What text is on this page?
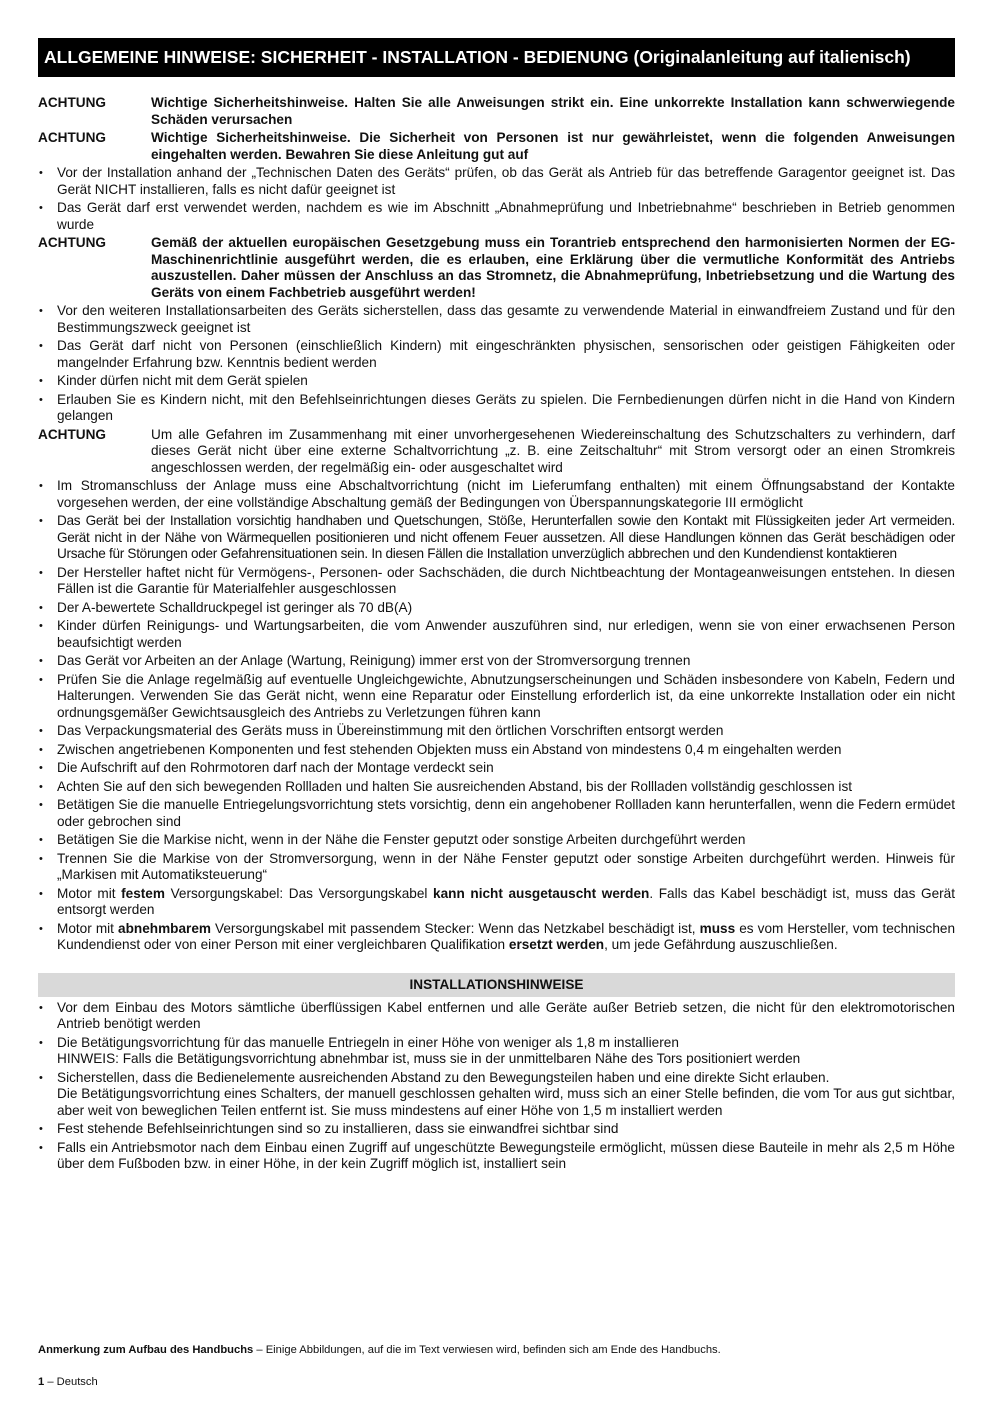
ALLGEMEINE HINWEISE: SICHERHEIT - INSTALLATION - BEDIENUNG (Originalanleitung auf italienisch)
ACHTUNG	Wichtige Sicherheitshinweise. Halten Sie alle Anweisungen strikt ein. Eine unkorrekte Installation kann schwerwiegende Schäden verursachen
ACHTUNG	Wichtige Sicherheitshinweise. Die Sicherheit von Personen ist nur gewährleistet, wenn die folgenden Anweisungen eingehalten werden. Bewahren Sie diese Anleitung gut auf
•	Vor der Installation anhand der „Technischen Daten des Geräts“ prüfen, ob das Gerät als Antrieb für das betreffende Garagentor geeignet ist. Das Gerät NICHT installieren, falls es nicht dafür geeignet ist
•	Das Gerät darf erst verwendet werden, nachdem es wie im Abschnitt „Abnahmeprüfung und Inbetriebnahme“ beschrieben in Betrieb genommen wurde
ACHTUNG	Gemäß der aktuellen europäischen Gesetzgebung muss ein Torantrieb entsprechend den harmonisierten Normen der EG-Maschinenrichtlinie ausgeführt werden, die es erlauben, eine Erklärung über die vermutliche Konformität des Antriebs auszustellen. Daher müssen der Anschluss an das Stromnetz, die Abnahmeprüfung, Inbetriebsetzung und die Wartung des Geräts von einem Fachbetrieb ausgeführt werden!
•	Vor den weiteren Installationsarbeiten des Geräts sicherstellen, dass das gesamte zu verwendende Material in einwandfreiem Zustand und für den Bestimmungszweck geeignet ist
•	Das Gerät darf nicht von Personen (einschließlich Kindern) mit eingeschränkten physischen, sensorischen oder geistigen Fähigkeiten oder mangelnder Erfahrung bzw. Kenntnis bedient werden
•	Kinder dürfen nicht mit dem Gerät spielen
•	Erlauben Sie es Kindern nicht, mit den Befehlseinrichtungen dieses Geräts zu spielen. Die Fernbedienungen dürfen nicht in die Hand von Kindern gelangen
ACHTUNG	Um alle Gefahren im Zusammenhang mit einer unvorhergesehenen Wiedereinschaltung des Schutzschalters zu verhindern, darf dieses Gerät nicht über eine externe Schaltvorrichtung „z. B. eine Zeitschaltuhr“ mit Strom versorgt oder an einen Stromkreis angeschlossen werden, der regelmäßig ein- oder ausgeschaltet wird
•	Im Stromanschluss der Anlage muss eine Abschaltvorrichtung (nicht im Lieferumfang enthalten) mit einem Öffnungsabstand der Kontakte vorgesehen werden, der eine vollständige Abschaltung gemäß der Bedingungen von Überspannungskategorie III ermöglicht
•	Das Gerät bei der Installation vorsichtig handhaben und Quetschungen, Stöße, Herunterfallen sowie den Kontakt mit Flüssigkeiten jeder Art vermeiden. Gerät nicht in der Nähe von Wärmequellen positionieren und nicht offenem Feuer aussetzen. All diese Handlungen können das Gerät beschädigen oder Ursache für Störungen oder Gefahrensituationen sein. In diesen Fällen die Installation unverzüglich abbrechen und den Kundendienst kontaktieren
•	Der Hersteller haftet nicht für Vermögens-, Personen- oder Sachschäden, die durch Nichtbeachtung der Montageanweisungen entstehen. In diesen Fällen ist die Garantie für Materialfehler ausgeschlossen
•	Der A-bewertete Schalldruckpegel ist geringer als 70 dB(A)
•	Kinder dürfen Reinigungs- und Wartungsarbeiten, die vom Anwender auszuführen sind, nur erledigen, wenn sie von einer erwachsenen Person beaufsichtigt werden
•	Das Gerät vor Arbeiten an der Anlage (Wartung, Reinigung) immer erst von der Stromversorgung trennen
•	Prüfen Sie die Anlage regelmäßig auf eventuelle Ungleichgewichte, Abnutzungserscheinungen und Schäden insbesondere von Kabeln, Federn und Halterungen. Verwenden Sie das Gerät nicht, wenn eine Reparatur oder Einstellung erforderlich ist, da eine unkorrekte Installation oder ein nicht ordnungsgemäßer Gewichtsausgleich des Antriebs zu Verletzungen führen kann
•	Das Verpackungsmaterial des Geräts muss in Übereinstimmung mit den örtlichen Vorschriften entsorgt werden
•	Zwischen angetriebenen Komponenten und fest stehenden Objekten muss ein Abstand von mindestens 0,4 m eingehalten werden
•	Die Aufschrift auf den Rohrmotoren darf nach der Montage verdeckt sein
•	Achten Sie auf den sich bewegenden Rollladen und halten Sie ausreichenden Abstand, bis der Rollladen vollständig geschlossen ist
•	Betätigen Sie die manuelle Entriegelungsvorrichtung stets vorsichtig, denn ein angehobener Rollladen kann herunterfallen, wenn die Federn ermüdet oder gebrochen sind
•	Betätigen Sie die Markise nicht, wenn in der Nähe die Fenster geputzt oder sonstige Arbeiten durchgeführt werden
•	Trennen Sie die Markise von der Stromversorgung, wenn in der Nähe Fenster geputzt oder sonstige Arbeiten durchgeführt werden. Hinweis für „Markisen mit Automatiksteuerung“
•	Motor mit festem Versorgungskabel: Das Versorgungskabel kann nicht ausgetauscht werden. Falls das Kabel beschädigt ist, muss das Gerät entsorgt werden
•	Motor mit abnehmbarem Versorgungskabel mit passendem Stecker: Wenn das Netzkabel beschädigt ist, muss es vom Hersteller, vom technischen Kundendienst oder von einer Person mit einer vergleichbaren Qualifikation ersetzt werden, um jede Gefährdung auszuschließen.
INSTALLATIONSHINWEISE
•	Vor dem Einbau des Motors sämtliche überflüssigen Kabel entfernen und alle Geräte außer Betrieb setzen, die nicht für den elektromotorischen Antrieb benötigt werden
•	Die Betätigungsvorrichtung für das manuelle Entriegeln in einer Höhe von weniger als 1,8 m installieren
HINWEIS: Falls die Betätigungsvorrichtung abnehmbar ist, muss sie in der unmittelbaren Nähe des Tors positioniert werden
•	Sicherstellen, dass die Bedienelemente ausreichenden Abstand zu den Bewegungsteilen haben und eine direkte Sicht erlauben.
Die Betätigungsvorrichtung eines Schalters, der manuell geschlossen gehalten wird, muss sich an einer Stelle befinden, die vom Tor aus gut sichtbar, aber weit von beweglichen Teilen entfernt ist. Sie muss mindestens auf einer Höhe von 1,5 m installiert werden
•	Fest stehende Befehlseinrichtungen sind so zu installieren, dass sie einwandfrei sichtbar sind
•	Falls ein Antriebsmotor nach dem Einbau einen Zugriff auf ungeschützte Bewegungsteile ermöglicht, müssen diese Bauteile in mehr als 2,5 m Höhe über dem Fußboden bzw. in einer Höhe, in der kein Zugriff möglich ist, installiert sein
Anmerkung zum Aufbau des Handbuchs – Einige Abbildungen, auf die im Text verwiesen wird, befinden sich am Ende des Handbuchs.
1 – Deutsch
